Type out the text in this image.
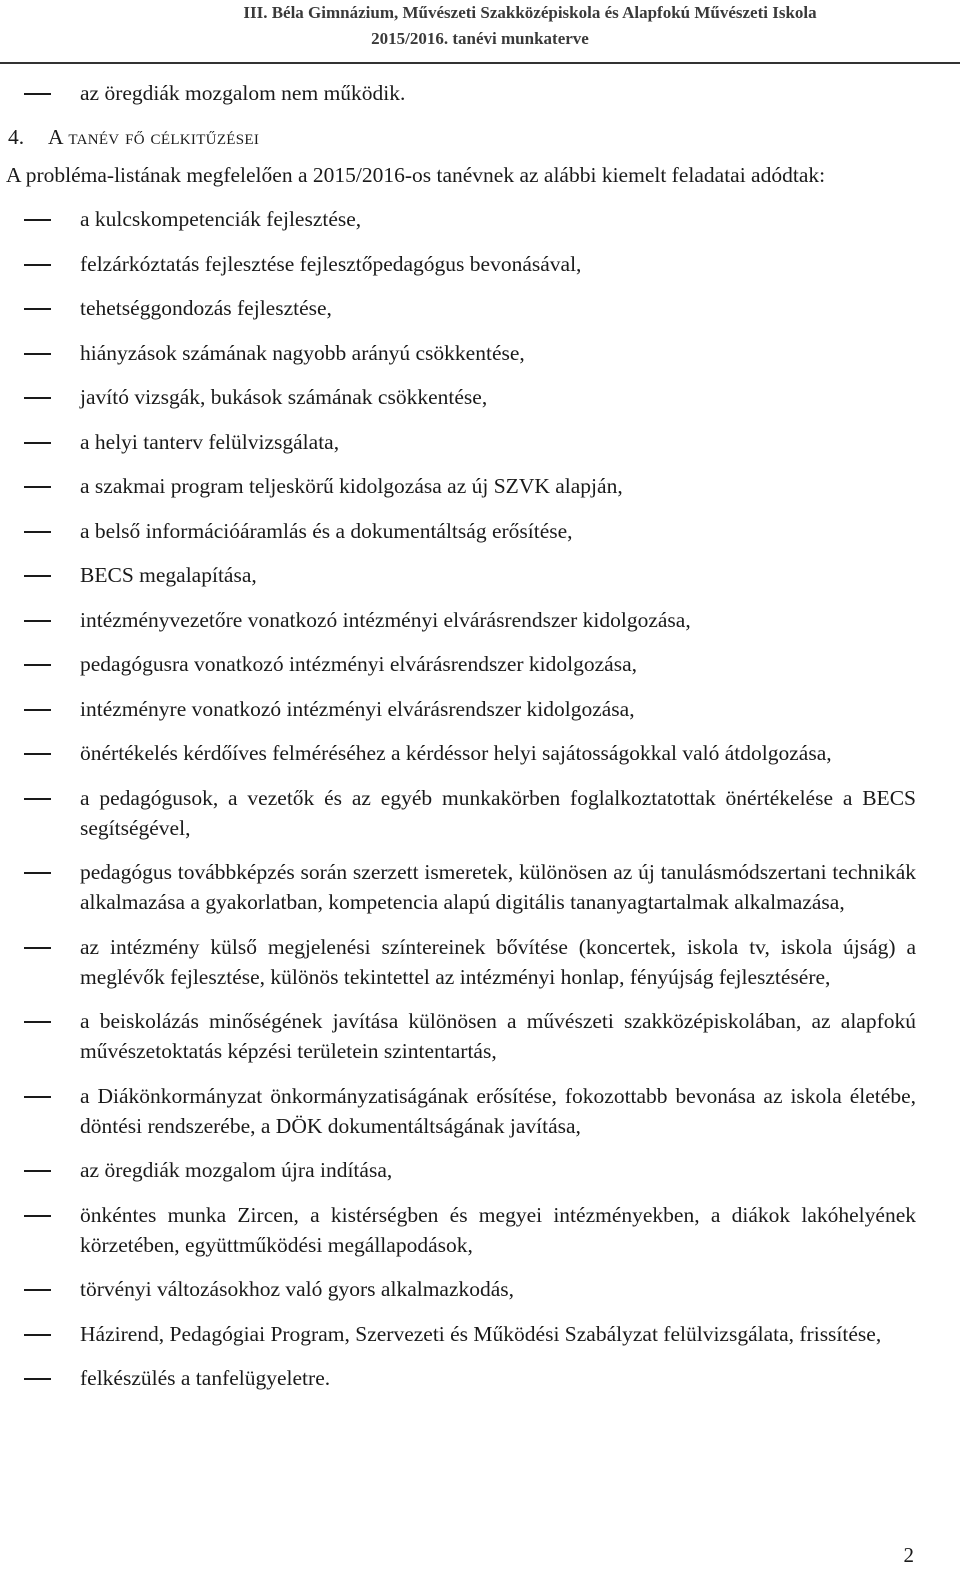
III. Béla Gimnázium, Művészeti Szakközépiskola és Alapfokú Művészeti Iskola
2015/2016. tanévi munkaterve
az öregdiák mozgalom nem működik.
4. A tanév fő célkitűzései
A probléma-listának megfelelően a 2015/2016-os tanévnek az alábbi kiemelt feladatai adódtak:
a kulcskompetenciák fejlesztése,
felzárkóztatás fejlesztése fejlesztőpedagógus bevonásával,
tehetséggondozás fejlesztése,
hiányzások számának nagyobb arányú csökkentése,
javító vizsgák, bukások számának csökkentése,
a helyi tanterv felülvizsgálata,
a szakmai program teljeskörű kidolgozása az új SZVK alapján,
a belső információáramlás és a dokumentáltság erősítése,
BECS megalapítása,
intézményvezetőre vonatkozó intézményi elvárásrendszer kidolgozása,
pedagógusra vonatkozó intézményi elvárásrendszer kidolgozása,
intézményre vonatkozó intézményi elvárásrendszer kidolgozása,
önértékelés kérdőíves felméréséhez a kérdéssor helyi sajátosságokkal való átdolgozása,
a pedagógusok, a vezetők és az egyéb munkakörben foglalkoztatottak önértékelése a BECS segítségével,
pedagógus továbbképzés során szerzett ismeretek, különösen az új tanulásmódszertani technikák alkalmazása a gyakorlatban, kompetencia alapú digitális tananyagtartalmak alkalmazása,
az intézmény külső megjelenési színtereinek bővítése (koncertek, iskola tv, iskola újság) a meglévők fejlesztése, különös tekintettel az intézményi honlap, fényújság fejlesztésére,
a beiskolázás minőségének javítása különösen a művészeti szakközépiskolában, az alapfokú művészetoktatás képzési területein szintentartás,
a Diákönkormányzat önkormányzatiságának erősítése, fokozottabb bevonása az iskola életébe, döntési rendszerébe, a DÖK dokumentáltságának javítása,
az öregdiák mozgalom újra indítása,
önkéntes munka Zircen, a kistérségben és megyei intézményekben, a diákok lakóhelyének körzetében, együttműködési megállapodások,
törvényi változásokhoz való gyors alkalmazkodás,
Házirend, Pedagógiai Program, Szervezeti és Működési Szabályzat felülvizsgálata, frissítése,
felkészülés a tanfelügyeletre.
2
